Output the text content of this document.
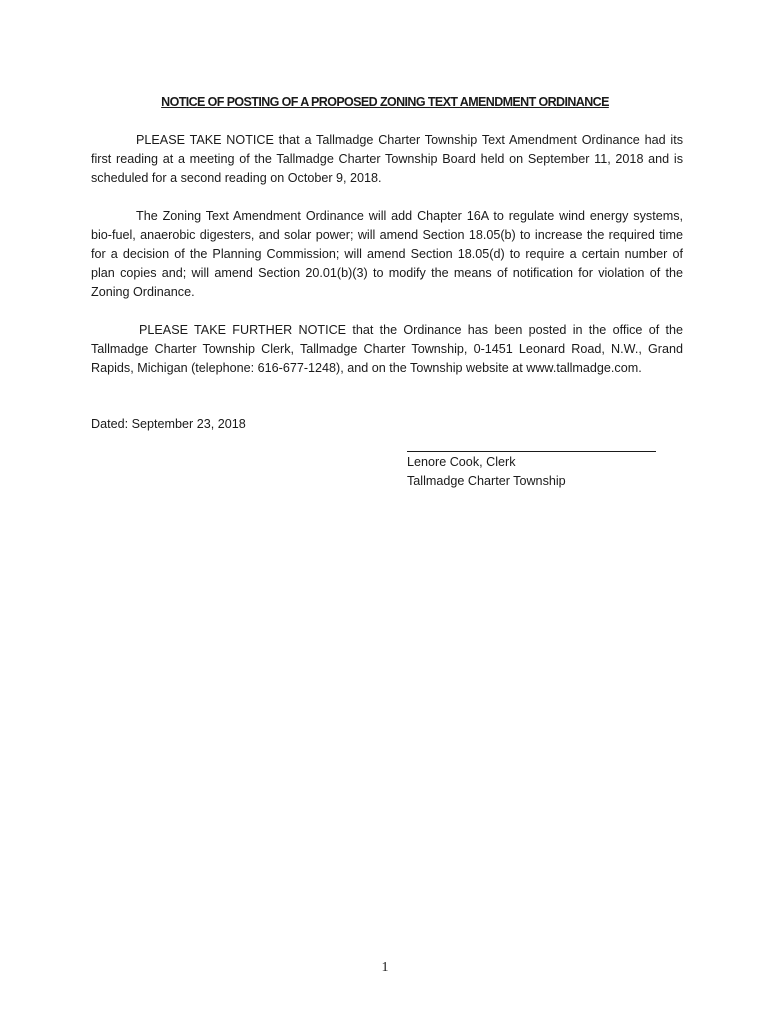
NOTICE OF POSTING OF A PROPOSED ZONING TEXT AMENDMENT ORDINANCE

PLEASE TAKE NOTICE that a Tallmadge Charter Township Text Amendment Ordinance had its first reading at a meeting of the Tallmadge Charter Township Board held on September 11, 2018 and is scheduled for a second reading on October 9, 2018.

The Zoning Text Amendment Ordinance will add Chapter 16A to regulate wind energy systems, bio-fuel, anaerobic digesters, and solar power; will amend Section 18.05(b) to increase the required time for a decision of the Planning Commission; will amend Section 18.05(d) to require a certain number of plan copies and; will amend Section 20.01(b)(3) to modify the means of notification for violation of the Zoning Ordinance.

PLEASE TAKE FURTHER NOTICE that the Ordinance has been posted in the office of the Tallmadge Charter Township Clerk, Tallmadge Charter Township, 0-1451 Leonard Road, N.W., Grand Rapids, Michigan (telephone: 616-677-1248), and on the Township website at www.tallmadge.com.

Dated: September 23, 2018
Lenore Cook, Clerk
Tallmadge Charter Township
1
